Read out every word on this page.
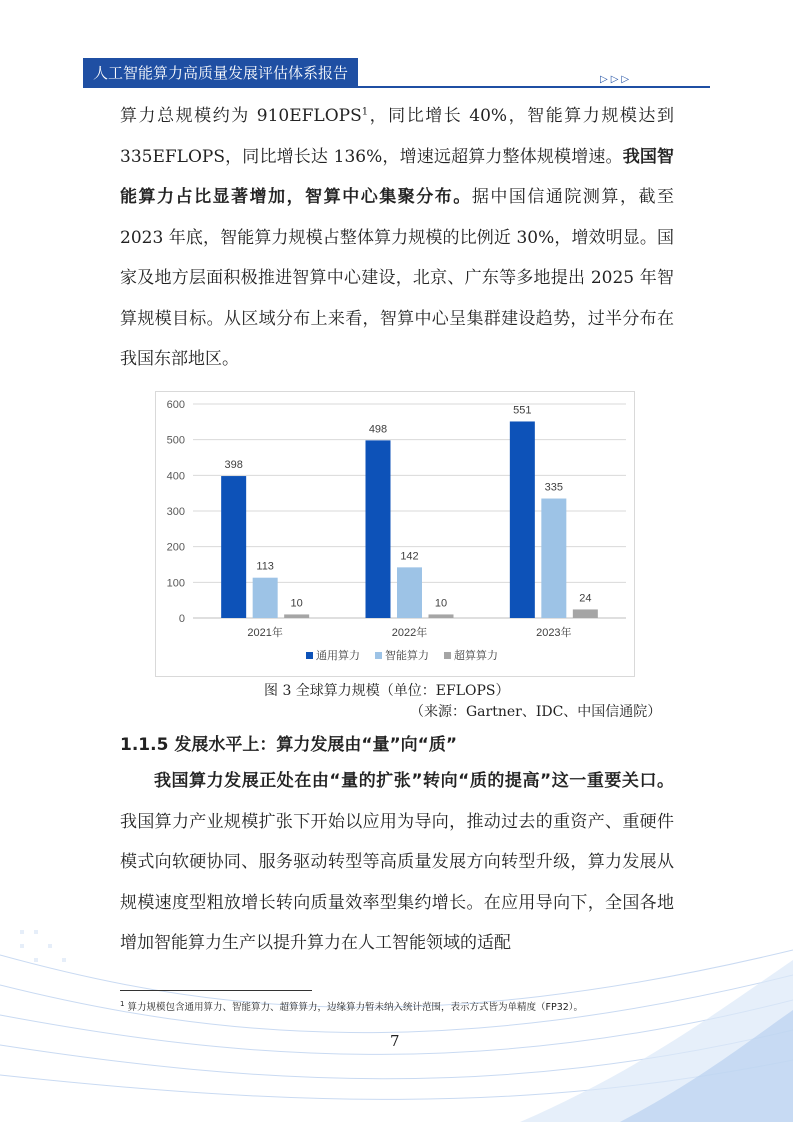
人工智能算力高质量发展评估体系报告	▷▷▷

算力总规模约为 910EFLOPS$^1$，同比增长 40%，智能算力规模达到 335EFLOPS，同比增长达 136%，增速远超算力整体规模增速。我国智能算力占比显著增加，智算中心集聚分布。据中国信通院测算，截至 2023 年底，智能算力规模占整体算力规模的比例近 30%，增效明显。国家及地方层面积极推进智算中心建设，北京、广东等多地提出 2025 年智算规模目标。从区域分布上来看，智算中心呈集群建设趋势，过半分布在我国东部地区。

0
100
200
300
400
500
600
398
113
10
2021年
498
142
10
2022年
551
335
24
2023年
通用算力 智能算力 超算算力

图 3 全球算力规模（单位：EFLOPS）

（来源：Gartner、IDC、中国信通院）

1.1.5 发展水平上：算力发展由“量”向“质”

我国算力发展正处在由“量的扩张”转向“质的提高”这一重要关口。我国算力产业规模扩张下开始以应用为导向，推动过去的重资产、重硬件模式向软硬协同、服务驱动转型等高质量发展方向转型升级，算力发展从规模速度型粗放增长转向质量效率型集约增长。在应用导向下，全国各地增加智能算力生产以提升算力在人工智能领域的适配

$^1$ 算力规模包含通用算力、智能算力、超算算力，边缘算力暂未纳入统计范围，表示方式皆为单精度（FP32）。

7
